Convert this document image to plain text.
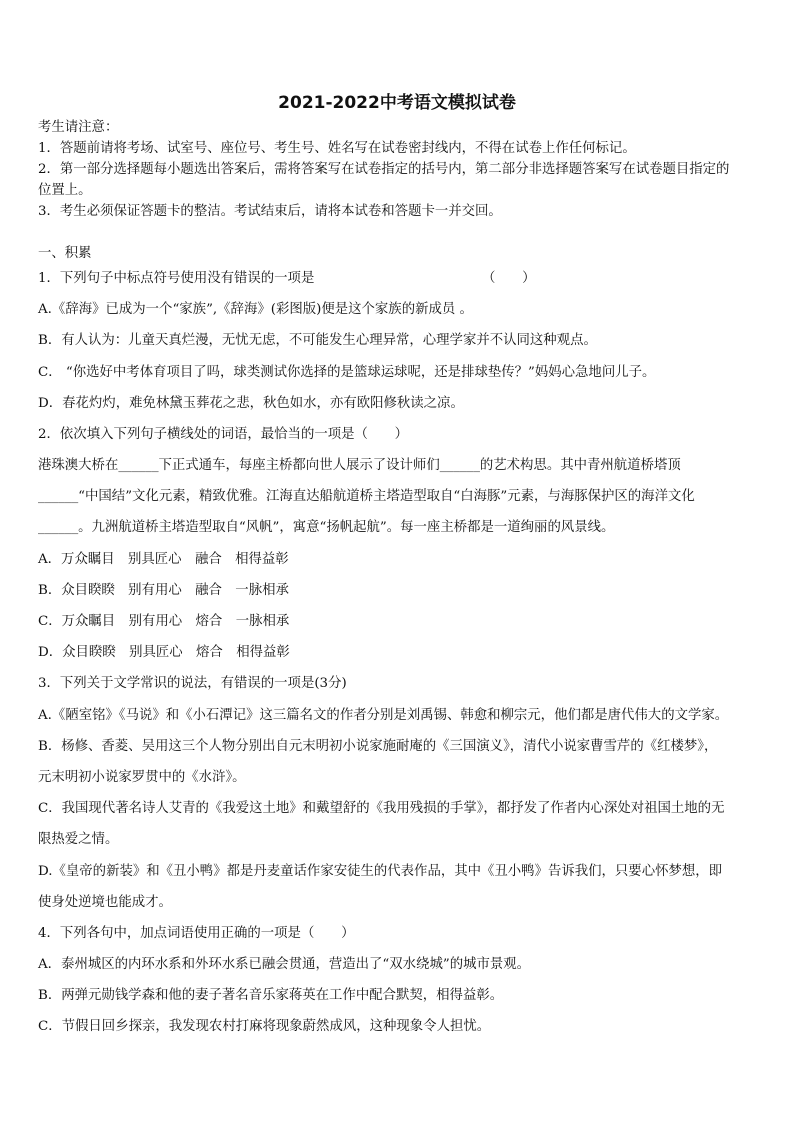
2021-2022中考语文模拟试卷
考生请注意：
1．答题前请将考场、试室号、座位号、考生号、姓名写在试卷密封线内，不得在试卷上作任何标记。
2．第一部分选择题每小题选出答案后，需将答案写在试卷指定的括号内，第二部分非选择题答案写在试卷题目指定的
位置上。
3．考生必须保证答题卡的整洁。考试结束后，请将本试卷和答题卡一并交回。
一、积累
1．下列句子中标点符号使用没有错误的一项是	（　　）
A.《辞海》已成为一个“家族”,《辞海》(彩图版)便是这个家族的新成员 。
B．有人认为：儿童天真烂漫，无忧无虑，不可能发生心理异常，心理学家并不认同这种观点。
C． “你选好中考体育项目了吗，球类测试你选择的是篮球运球呢，还是排球垫传？”妈妈心急地问儿子。
D．春花灼灼，难免林黛玉葬花之悲，秋色如水，亦有欧阳修秋读之凉。
2．依次填入下列句子横线处的词语，最恰当的一项是（　　）
港珠澳大桥在______下正式通车，每座主桥都向世人展示了设计师们______的艺术构思。其中青州航道桥塔顶
______“中国结”文化元素，精致优雅。江海直达船航道桥主塔造型取自“白海豚”元素，与海豚保护区的海洋文化
______。九洲航道桥主塔造型取自“风帆”，寓意“扬帆起航”。每一座主桥都是一道绚丽的风景线。
A．万众瞩目　别具匠心　融合　相得益彰
B．众目睽睽　别有用心　融合　一脉相承
C．万众瞩目　别有用心　熔合　一脉相承
D．众目睽睽　别具匠心　熔合　相得益彰
3．下列关于文学常识的说法，有错误的一项是(3分)
A.《陋室铭》《马说》和《小石潭记》这三篇名文的作者分别是刘禹锡、韩愈和柳宗元，他们都是唐代伟大的文学家。
B．杨修、香菱、吴用这三个人物分别出自元末明初小说家施耐庵的《三国演义》，清代小说家曹雪芹的《红楼梦》，
元末明初小说家罗贯中的《水浒》。
C．我国现代著名诗人艾青的《我爱这土地》和戴望舒的《我用残损的手掌》，都抒发了作者内心深处对祖国土地的无
限热爱之情。
D.《皇帝的新装》和《丑小鸭》都是丹麦童话作家安徒生的代表作品，其中《丑小鸭》告诉我们，只要心怀梦想，即
使身处逆境也能成才。
4．下列各句中，加点词语使用正确的一项是（　　）
A．泰州城区的内环水系和外环水系已融会贯通，营造出了“双水绕城”的城市景观。
B．两弹元勋钱学森和他的妻子著名音乐家蒋英在工作中配合默契，相得益彰。
C．节假日回乡探亲，我发现农村打麻将现象蔚然成风，这种现象令人担忧。
